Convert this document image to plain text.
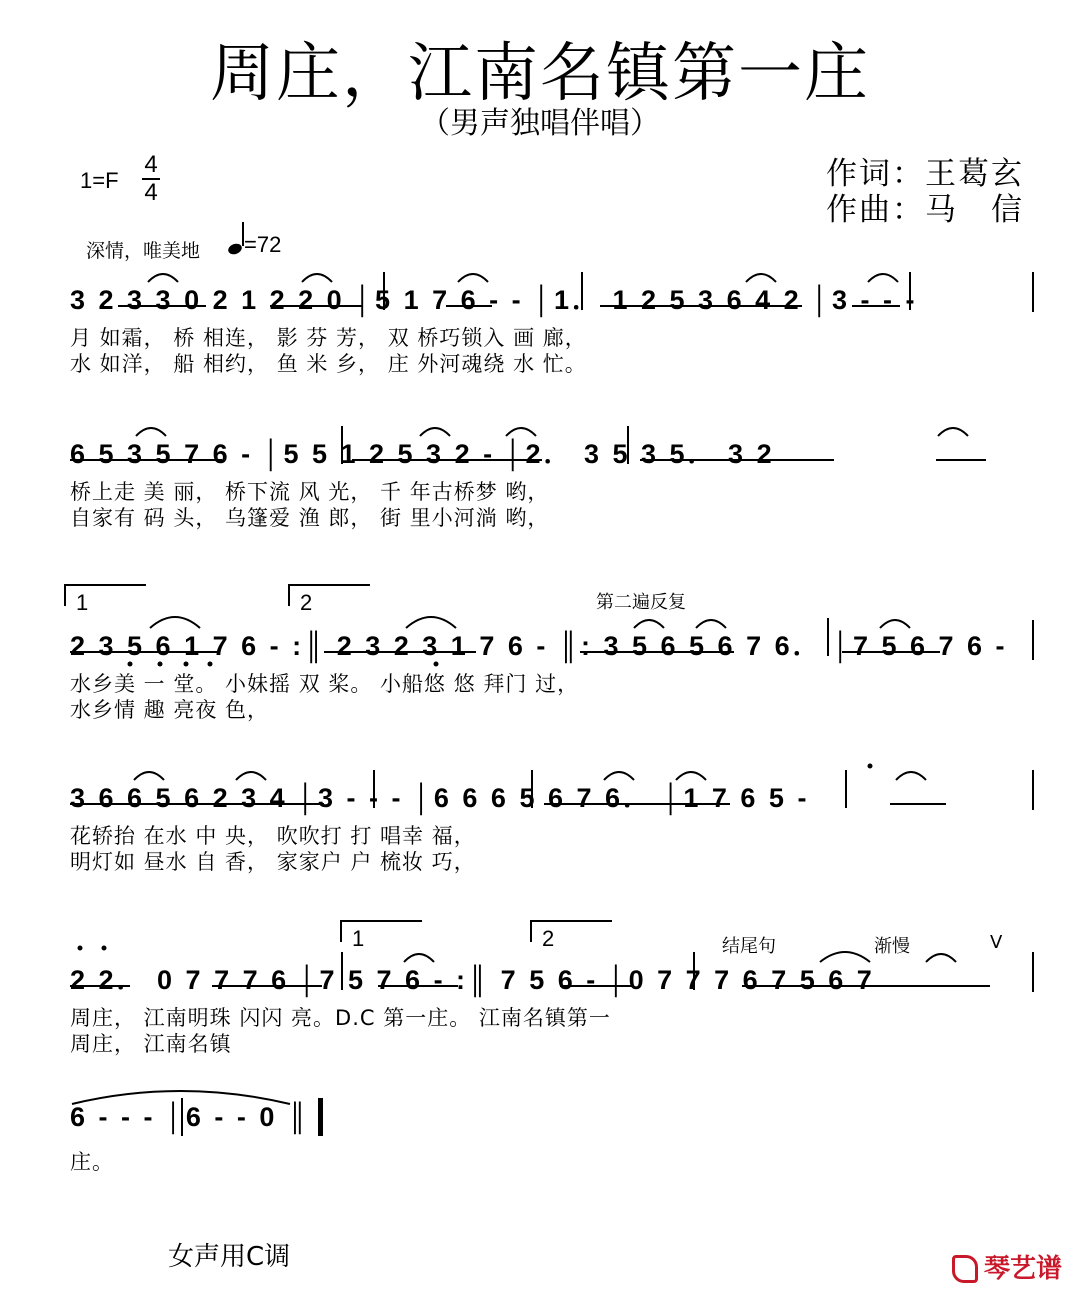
周庄，江南名镇第一庄
（男声独唱伴唱）
1=F
4
4
作词：王葛玄
作曲：马　信
深情，唯美地	=72
3 2 3 3 0 2 1 2 2 0 │5 1 7 6 - - │1． 1 2 5 3 6 4 2 │3 - - -
月 如霜， 桥 相连， 影 芬 芳， 双 桥巧锁入 画 廊，
水 如洋， 船 相约， 鱼 米 乡， 庄 外河魂绕 水 忙。
6 5 3 5 7 6 - │5 5 1 2 5 3 2 - │2． 3 5 3 5． 3 2
桥上走 美 丽， 桥下流 风 光， 千 年古桥梦 哟，
自家有 码 头， 乌篷爱 渔 郎， 街 里小河淌 哟，
1	2	第二遍反复
2 3 5 6 1 7 6 - :║ 2 3 2 3 1 7 6 - ║: 3 5 6 5 6 7 6． │7 5 6 7 6 -
水乡美 一 堂。 小妹摇 双 桨。 小船悠 悠 拜门 过，
水乡情 趣 亮夜 色，
3 6 6 5 6 2 3 4 │3 - - - │6 6 6 5 6 7 6． │1 7 6 5 -
花轿抬 在水 中 央， 吹吹打 打 唱幸 福，
明灯如 昼水 自 香， 家家户 户 梳妆 巧，
1	2	结尾句	渐慢	V
2 2． 0 7 7 7 6 │7 5 7 6 - :║ 7 5 6 - │0 7 7 7 6 7 5 6 7
周庄， 江南明珠 闪闪 亮。D.C 第一庄。 江南名镇第一
周庄， 江南名镇
6 - - - │6 - - 0 ║
庄。
女声用C调	琴艺谱
